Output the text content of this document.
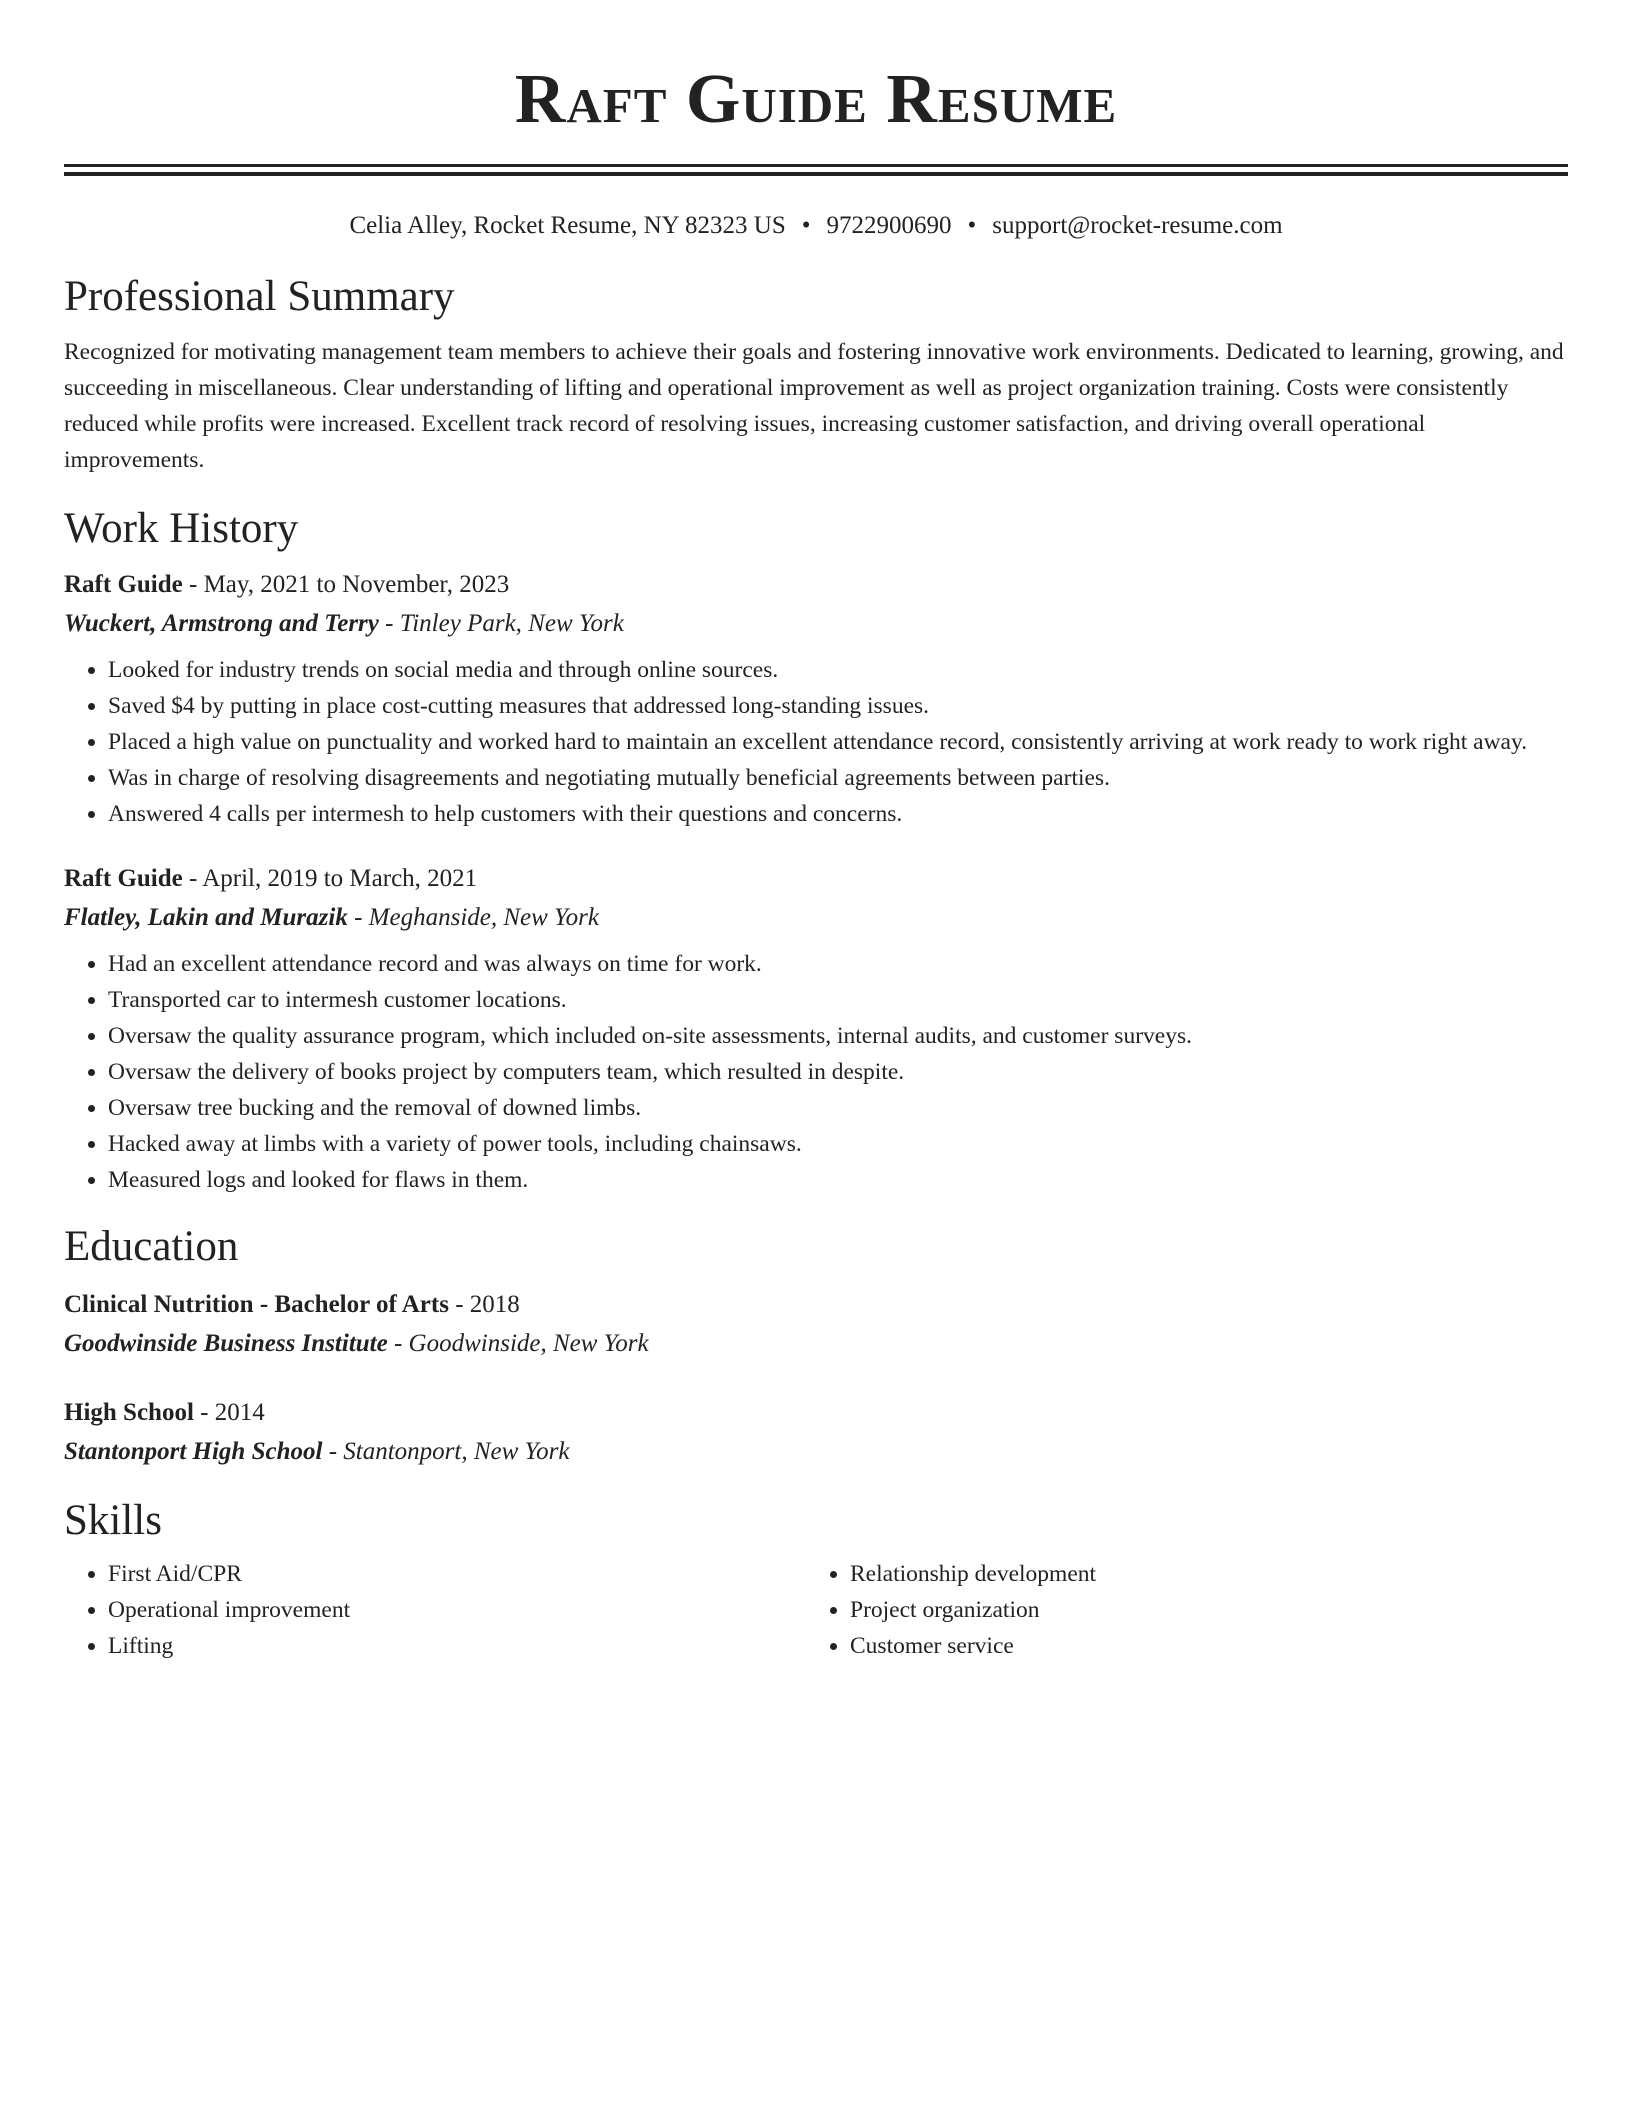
Raft Guide Resume
Celia Alley, Rocket Resume, NY 82323 US • 9722900690 • support@rocket-resume.com
Professional Summary
Recognized for motivating management team members to achieve their goals and fostering innovative work environments. Dedicated to learning, growing, and succeeding in miscellaneous. Clear understanding of lifting and operational improvement as well as project organization training. Costs were consistently reduced while profits were increased. Excellent track record of resolving issues, increasing customer satisfaction, and driving overall operational improvements.
Work History
Raft Guide - May, 2021 to November, 2023
Wuckert, Armstrong and Terry - Tinley Park, New York
• Looked for industry trends on social media and through online sources.
• Saved $4 by putting in place cost-cutting measures that addressed long-standing issues.
• Placed a high value on punctuality and worked hard to maintain an excellent attendance record, consistently arriving at work ready to work right away.
• Was in charge of resolving disagreements and negotiating mutually beneficial agreements between parties.
• Answered 4 calls per intermesh to help customers with their questions and concerns.
Raft Guide - April, 2019 to March, 2021
Flatley, Lakin and Murazik - Meghanside, New York
• Had an excellent attendance record and was always on time for work.
• Transported car to intermesh customer locations.
• Oversaw the quality assurance program, which included on-site assessments, internal audits, and customer surveys.
• Oversaw the delivery of books project by computers team, which resulted in despite.
• Oversaw tree bucking and the removal of downed limbs.
• Hacked away at limbs with a variety of power tools, including chainsaws.
• Measured logs and looked for flaws in them.
Education
Clinical Nutrition - Bachelor of Arts - 2018
Goodwinside Business Institute - Goodwinside, New York
High School - 2014
Stantonport High School - Stantonport, New York
Skills
• First Aid/CPR
• Operational improvement
• Lifting
• Relationship development
• Project organization
• Customer service
